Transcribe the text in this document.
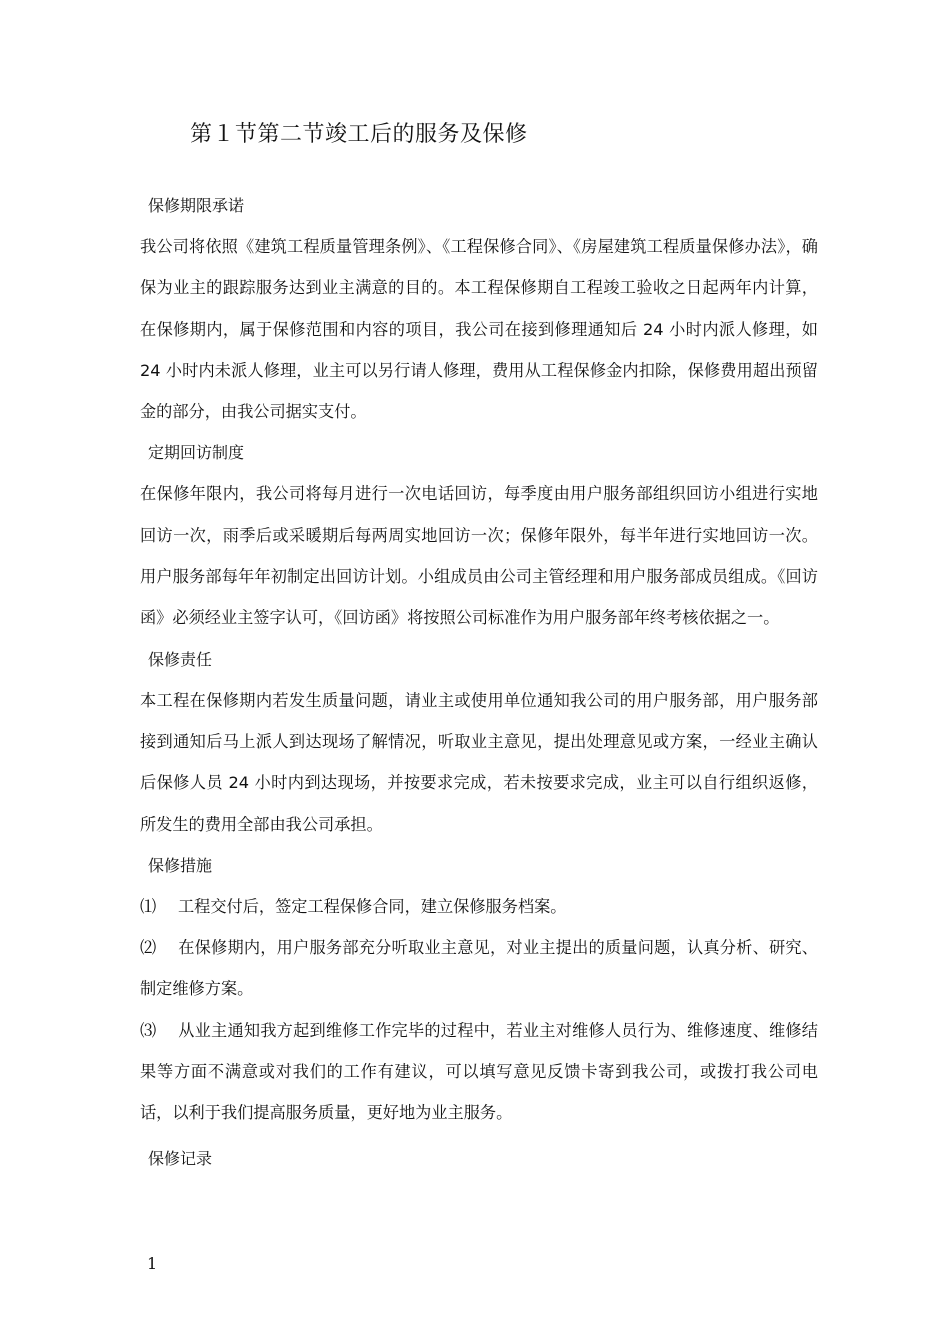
第１节第二节竣工后的服务及保修
保修期限承诺

我公司将依照《建筑工程质量管理条例》、《工程保修合同》、《房屋建筑工程质量保修办法》，确保为业主的跟踪服务达到业主满意的目的。本工程保修期自工程竣工验收之日起两年内计算，在保修期内，属于保修范围和内容的项目，我公司在接到修理通知后 24 小时内派人修理，如 24 小时内未派人修理，业主可以另行请人修理，费用从工程保修金内扣除，保修费用超出预留金的部分，由我公司据实支付。

定期回访制度

在保修年限内，我公司将每月进行一次电话回访，每季度由用户服务部组织回访小组进行实地回访一次，雨季后或采暖期后每两周实地回访一次；保修年限外，每半年进行实地回访一次。用户服务部每年年初制定出回访计划。小组成员由公司主管经理和用户服务部成员组成。《回访函》必须经业主签字认可，《回访函》将按照公司标准作为用户服务部年终考核依据之一。

保修责任

本工程在保修期内若发生质量问题，请业主或使用单位通知我公司的用户服务部，用户服务部接到通知后马上派人到达现场了解情况，听取业主意见，提出处理意见或方案，一经业主确认后保修人员 24 小时内到达现场，并按要求完成，若未按要求完成，业主可以自行组织返修，所发生的费用全部由我公司承担。

保修措施

⑴ 工程交付后，签定工程保修合同，建立保修服务档案。

⑵ 在保修期内，用户服务部充分听取业主意见，对业主提出的质量问题，认真分析、研究、制定维修方案。

⑶ 从业主通知我方起到维修工作完毕的过程中，若业主对维修人员行为、维修速度、维修结果等方面不满意或对我们的工作有建议，可以填写意见反馈卡寄到我公司，或拨打我公司电话，以利于我们提高服务质量，更好地为业主服务。

保修记录
1
